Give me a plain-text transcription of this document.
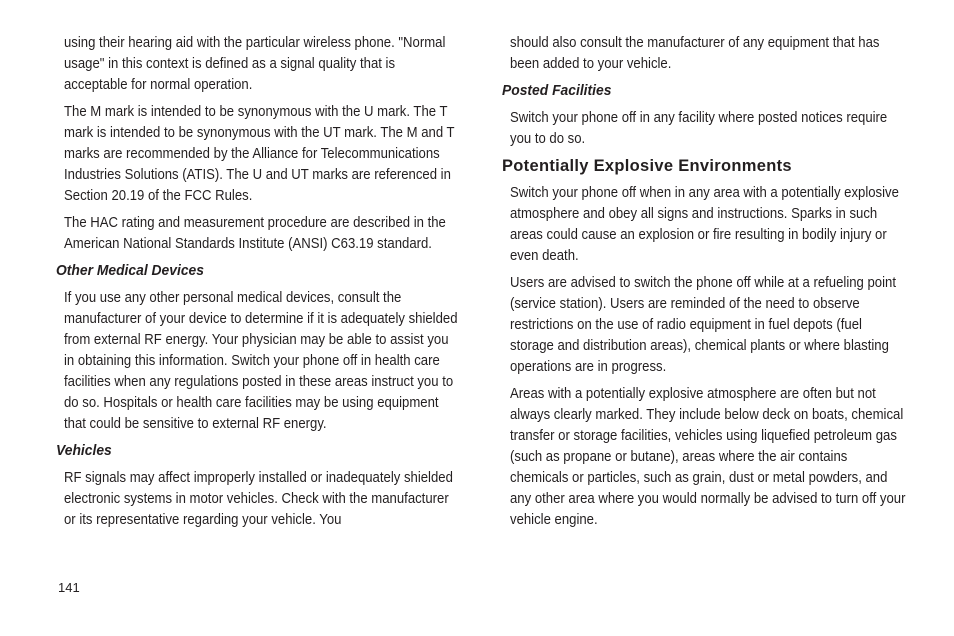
using their hearing aid with the particular wireless phone. "Normal usage" in this context is defined as a signal quality that is acceptable for normal operation.

The M mark is intended to be synonymous with the U mark. The T mark is intended to be synonymous with the UT mark. The M and T marks are recommended by the Alliance for Telecommunications Industries Solutions (ATIS). The U and UT marks are referenced in Section 20.19 of the FCC Rules.

The HAC rating and measurement procedure are described in the American National Standards Institute (ANSI) C63.19 standard.

Other Medical Devices

If you use any other personal medical devices, consult the manufacturer of your device to determine if it is adequately shielded from external RF energy. Your physician may be able to assist you in obtaining this information. Switch your phone off in health care facilities when any regulations posted in these areas instruct you to do so. Hospitals or health care facilities may be using equipment that could be sensitive to external RF energy.

Vehicles

RF signals may affect improperly installed or inadequately shielded electronic systems in motor vehicles. Check with the manufacturer or its representative regarding your vehicle. You

should also consult the manufacturer of any equipment that has been added to your vehicle.

Posted Facilities

Switch your phone off in any facility where posted notices require you to do so.

Potentially Explosive Environments

Switch your phone off when in any area with a potentially explosive atmosphere and obey all signs and instructions. Sparks in such areas could cause an explosion or fire resulting in bodily injury or even death.

Users are advised to switch the phone off while at a refueling point (service station). Users are reminded of the need to observe restrictions on the use of radio equipment in fuel depots (fuel storage and distribution areas), chemical plants or where blasting operations are in progress.

Areas with a potentially explosive atmosphere are often but not always clearly marked. They include below deck on boats, chemical transfer or storage facilities, vehicles using liquefied petroleum gas (such as propane or butane), areas where the air contains chemicals or particles, such as grain, dust or metal powders, and any other area where you would normally be advised to turn off your vehicle engine.

141
